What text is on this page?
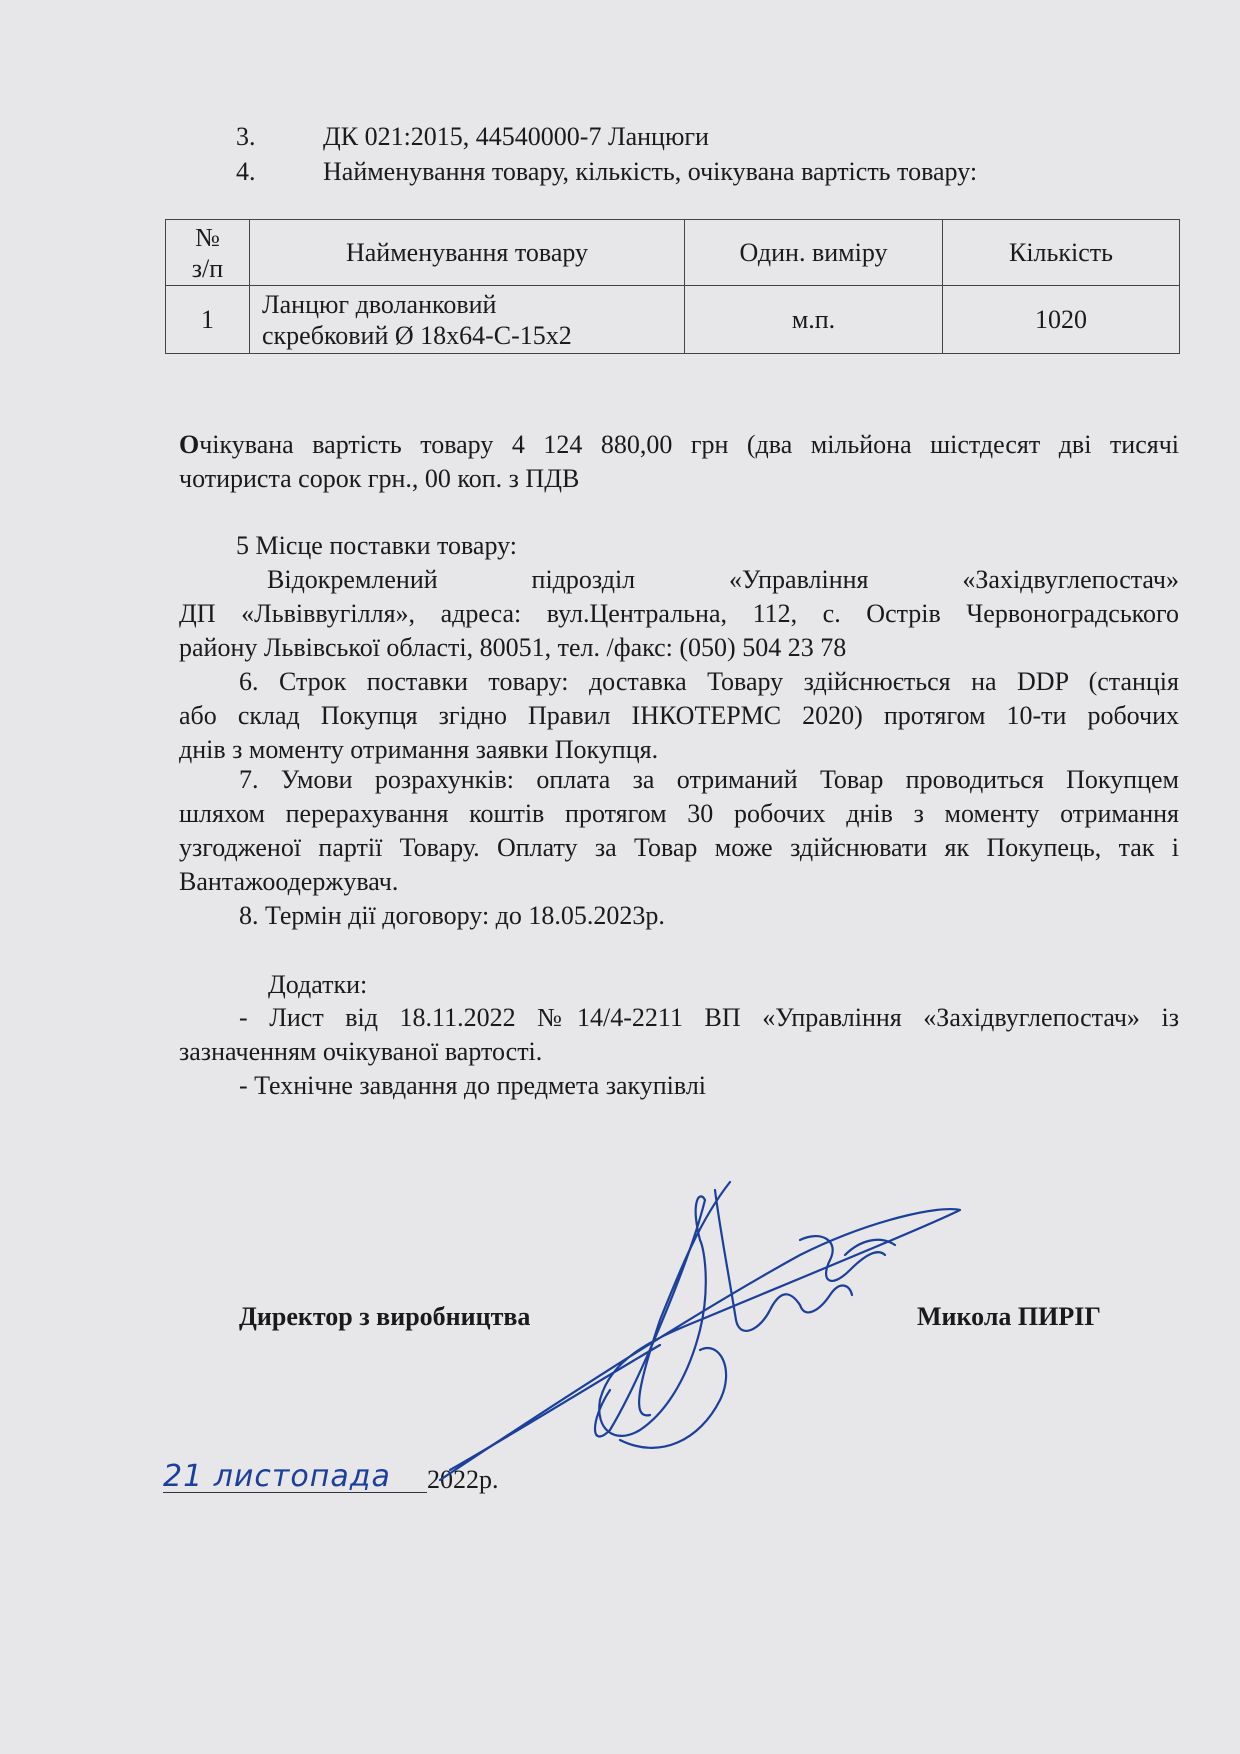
3.	ДК 021:2015, 44540000-7 Ланцюги
4.	Найменування товару, кількість, очікувана вартість товару:
№
з/п	Найменування товару	Один. виміру	Кількість
1	Ланцюг дволанковий
скребковий Ø 18х64-С-15х2	м.п.	1020
Очікувана вартість товару 4 124 880,00 грн (два мільйона шістдесят дві тисячі
чотириста сорок грн., 00 коп. з ПДВ
5 Місце поставки товару:
Відокремлений підрозділ «Управління «Західвуглепостач»
ДП «Львіввугілля», адреса: вул.Центральна, 112, с. Острів Червоноградського
району Львівської області, 80051, тел. /факс: (050) 504 23 78
6. Строк поставки товару: доставка Товару здійснюється на DDP (станція
або склад Покупця згідно Правил ІНКОТЕРМС 2020) протягом 10-ти робочих
днів з моменту отримання заявки Покупця.
7. Умови розрахунків: оплата за отриманий Товар проводиться Покупцем
шляхом перерахування коштів протягом 30 робочих днів з моменту отримання
узгодженої партії Товару. Оплату за Товар може здійснювати як Покупець, так і
Вантажоодержувач.
8. Термін дії договору: до 18.05.2023р.
Додатки:
- Лист від 18.11.2022 №14/4-2211 ВП «Управління «Західвуглепостач» із
зазначенням очікуваної вартості.
- Технічне завдання до предмета закупівлі
Директор з виробництва	Микола ПИРІГ
21 листопада 2022р.
